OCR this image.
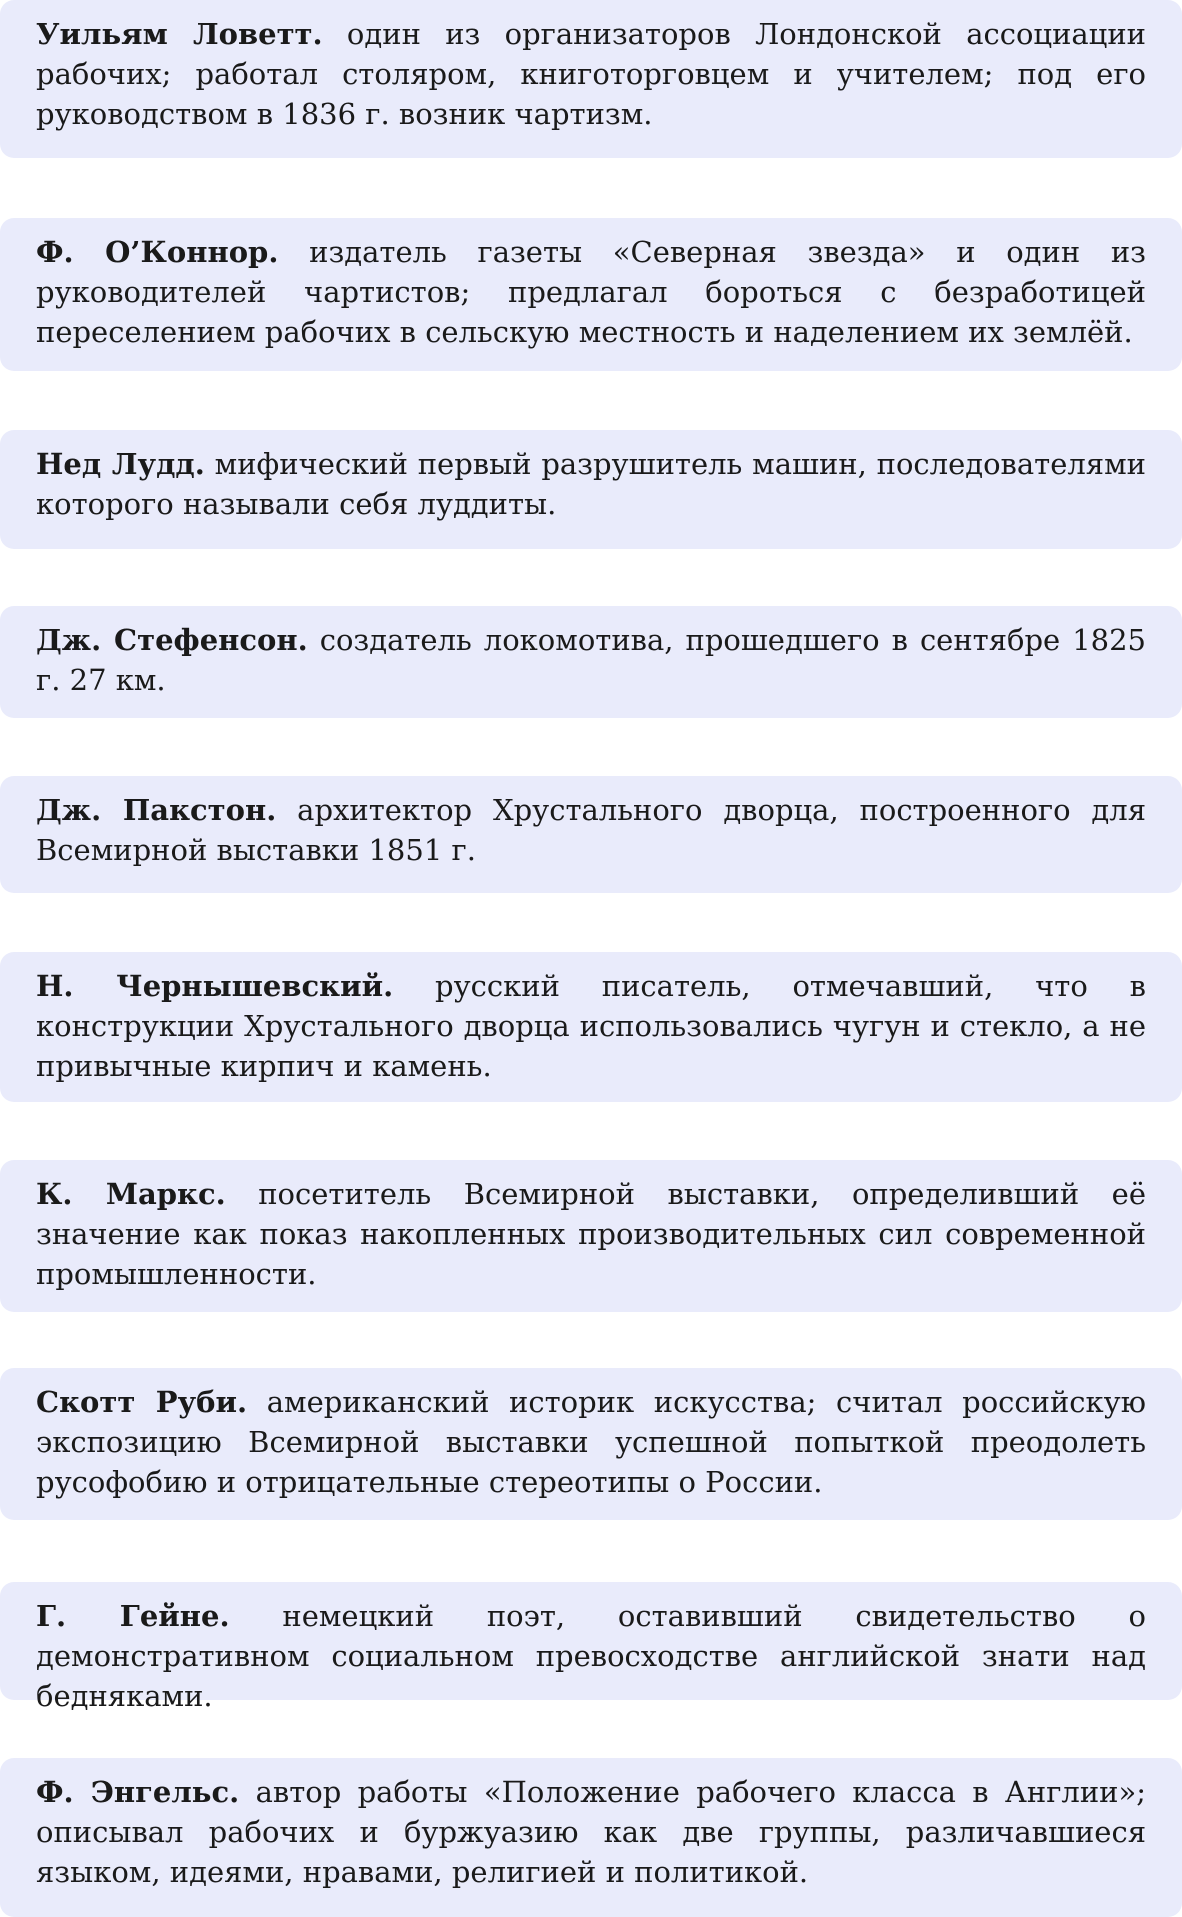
Уильям Ловетт. один из организаторов Лондонской ассоциации рабочих; работал столяром, книготорговцем и учителем; под его руководством в 1836 г. возник чартизм.
Ф. О’Коннор. издатель газеты «Северная звезда» и один из руководителей чартистов; предлагал бороться с безработицей переселением рабочих в сельскую местность и наделением их землёй.
Нед Лудд. мифический первый разрушитель машин, последователями которого называли себя луддиты.
Дж. Стефенсон. создатель локомотива, прошедшего в сентябре 1825 г. 27 км.
Дж. Пакстон. архитектор Хрустального дворца, построенного для Всемирной выставки 1851 г.
Н. Чернышевский. русский писатель, отмечавший, что в конструкции Хрустального дворца использовались чугун и стекло, а не привычные кирпич и камень.
К. Маркс. посетитель Всемирной выставки, определивший её значение как показ накопленных производительных сил современной промышленности.
Скотт Руби. американский историк искусства; считал российскую экспозицию Всемирной выставки успешной попыткой преодолеть русофобию и отрицательные стереотипы о России.
Г. Гейне. немецкий поэт, оставивший свидетельство о демонстративном социальном превосходстве английской знати над бедняками.
Ф. Энгельс. автор работы «Положение рабочего класса в Англии»; описывал рабочих и буржуазию как две группы, различавшиеся языком, идеями, нравами, религией и политикой.
